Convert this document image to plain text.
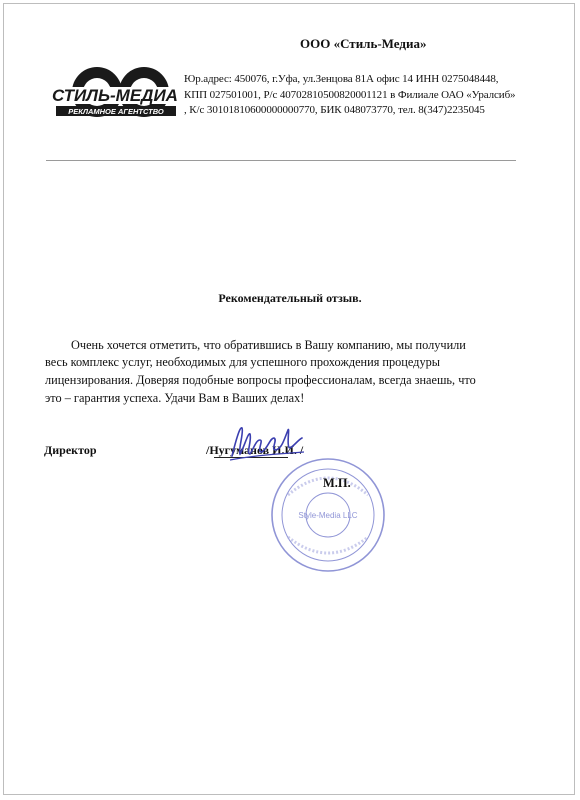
СТИЛЬ-МЕДИА
РЕКЛАМНОЕ АГЕНТСТВО
ООО «Стиль-Медиа»
Юр.адрес: 450076, г.Уфа, ул.Зенцова 81А офис 14 ИНН 0275048448,
КПП 027501001, Р/с 40702810500820001121 в Филиале ОАО «Уралсиб»
, К/с 30101810600000000770, БИК 048073770, тел. 8(347)2235045
Рекомендательный отзыв.
Очень хочется отметить, что обратившись в Вашу компанию, мы получили
весь комплекс услуг, необходимых для успешного прохождения процедуры
лицензирования. Доверяя подобные вопросы профессионалам, всегда знаешь, что
это – гарантия успеха. Удачи Вам в Ваших делах!
Директор	/Нугуманов И.И. /
Style-Media LLC
М.П.
